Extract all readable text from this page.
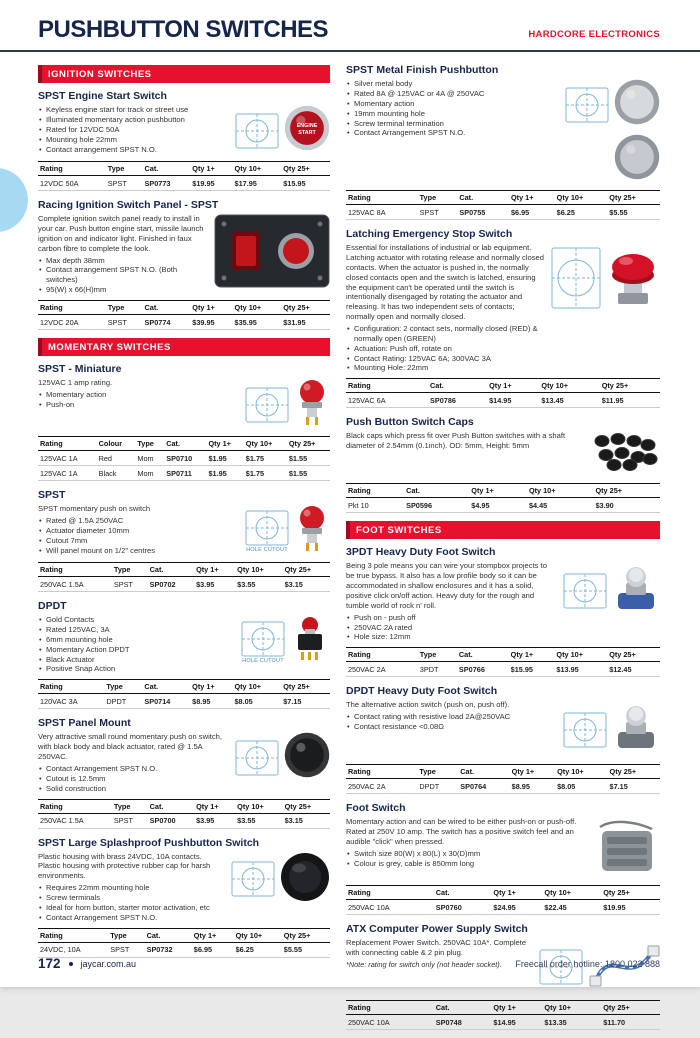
PUSHBUTTON SWITCHES	HARDCORE ELECTRONICS
IGNITION SWITCHES
SPST Engine Start Switch
• Keyless engine start for track or street use
• Illuminated momentary action pushbutton
• Rated for 12VDC 50A
• Mounting hole 22mm
• Contact arrangement SPST N.O.
ENGINE
START
Rating	Type	Cat.	Qty 1+	Qty 10+	Qty 25+
12VDC 50A	SPST	SP0773	$19.95	$17.95	$15.95
Racing Ignition Switch Panel - SPST

Complete ignition switch panel ready to install in your car. Push button engine start, missile launch ignition on and indicator light. Finished in faux carbon fibre to complete the look.

• Max depth 38mm
• Contact arrangement SPST N.O. (Both switches)
• 95(W) x 66(H)mm
Rating	Type	Cat.	Qty 1+	Qty 10+	Qty 25+
12VDC 20A	SPST	SP0774	$39.95	$35.95	$31.95
MOMENTARY SWITCHES
SPST - Miniature

125VAC 1 amp rating.

• Momentary action
• Push-on
Rating	Colour	Type	Cat.	Qty 1+	Qty 10+	Qty 25+
125VAC 1A	Red	Mom	SP0710	$1.95	$1.75	$1.55
125VAC 1A	Black	Mom	SP0711	$1.95	$1.75	$1.55
SPST

SPST momentary push on switch

• Rated @ 1.5A 250VAC
• Actuator diameter 10mm
• Cutout 7mm
• Will panel mount on 1/2" centres	HOLE CUTOUT
Rating	Type	Cat.	Qty 1+	Qty 10+	Qty 25+
250VAC 1.5A	SPST	SP0702	$3.95	$3.55	$3.15
DPDT
• Gold Contacts
• Rated 125VAC, 3A
• 6mm mounting hole
• Momentary Action DPDT
• Black Actuator
• Positive Snap Action
HOLE CUTOUT
Rating	Type	Cat.	Qty 1+	Qty 10+	Qty 25+
120VAC 3A	DPDT	SP0714	$8.95	$8.05	$7.15
SPST Panel Mount

Very attractive small round momentary push on switch, with black body and black actuator, rated @ 1.5A 250VAC.

• Contact Arrangement SPST N.O.
• Cutout is 12.5mm
• Solid construction
Rating	Type	Cat.	Qty 1+	Qty 10+	Qty 25+
250VAC 1.5A	SPST	SP0700	$3.95	$3.55	$3.15
SPST Large Splashproof Pushbutton Switch

Plastic housing with brass 24VDC, 10A contacts. Plastic housing with protective rubber cap for harsh environments.

• Requires 22mm mounting hole
• Screw terminals
• Ideal for horn button, starter motor activation, etc
• Contact Arrangement SPST N.O.
Rating	Type	Cat.	Qty 1+	Qty 10+	Qty 25+
24VDC, 10A	SPST	SP0732	$6.95	$6.25	$5.55
SPST Metal Finish Pushbutton
• Silver metal body
• Rated 8A @ 125VAC or 4A @ 250VAC
• Momentary action
• 19mm mounting hole
• Screw terminal termination
• Contact Arrangement SPST N.O.
Rating	Type	Cat.	Qty 1+	Qty 10+	Qty 25+
125VAC 8A	SPST	SP0755	$6.95	$6.25	$5.55
Latching Emergency Stop Switch

Essential for installations of industrial or lab equipment. Latching actuator with rotating release and normally closed contacts. When the actuator is pushed in, the normally closed contacts open and the switch is latched, ensuring the equipment can't be operated until the switch is intentionally disengaged by rotating the actuator and releasing. It has two independent sets of contacts; normally open and normally closed.

• Configuration: 2 contact sets, normally closed (RED) & normally open (GREEN)
• Actuation: Push off, rotate on
• Contact Rating: 125VAC 6A; 300VAC 3A
• Mounting Hole: 22mm
Rating	Cat.	Qty 1+	Qty 10+	Qty 25+
125VAC 6A	SP0786	$14.95	$13.45	$11.95
Push Button Switch Caps

Black caps which press fit over Push Button switches with a shaft diameter of 2.54mm (0.1inch). OD: 5mm, Height: 5mm

Rating	Cat.	Qty 1+	Qty 10+	Qty 25+
Pkt 10	SP0596	$4.95	$4.45	$3.90
FOOT SWITCHES
3PDT Heavy Duty Foot Switch

Being 3 pole means you can wire your stompbox projects to be true bypass. It also has a low profile body so it can be accommodated in shallow enclosures and it has a solid, positive click on/off action. Heavy duty for the rough and tumble world of rock n' roll.

• Push on - push off
• 250VAC 2A rated
• Hole size: 12mm
Rating	Type	Cat.	Qty 1+	Qty 10+	Qty 25+
250VAC 2A	3PDT	SP0766	$15.95	$13.95	$12.45
DPDT Heavy Duty Foot Switch

The alternative action switch (push on, push off).

• Contact rating with resistive load 2A@250VAC
• Contact resistance <0.08Ω
Rating	Type	Cat.	Qty 1+	Qty 10+	Qty 25+
250VAC 2A	DPDT	SP0764	$8.95	$8.05	$7.15
Foot Switch

Momentary action and can be wired to be either push-on or push-off. Rated at 250V 10 amp. The switch has a positive switch feel and an audible "click" when pressed.

• Switch size 80(W) x 80(L) x 30(D)mm
• Colour is grey, cable is 850mm long
Rating	Cat.	Qty 1+	Qty 10+	Qty 25+
250VAC 10A	SP0760	$24.95	$22.45	$19.95
ATX Computer Power Supply Switch

Replacement Power Switch. 250VAC 10A*. Complete with connecting cable & 2 pin plug.

*Note: rating for switch only (not header socket).

Rating	Cat.	Qty 1+	Qty 10+	Qty 25+
250VAC 10A	SP0748	$14.95	$13.35	$11.70
172 jaycar.com.au	Freecall order hotline: 1800 022 888
